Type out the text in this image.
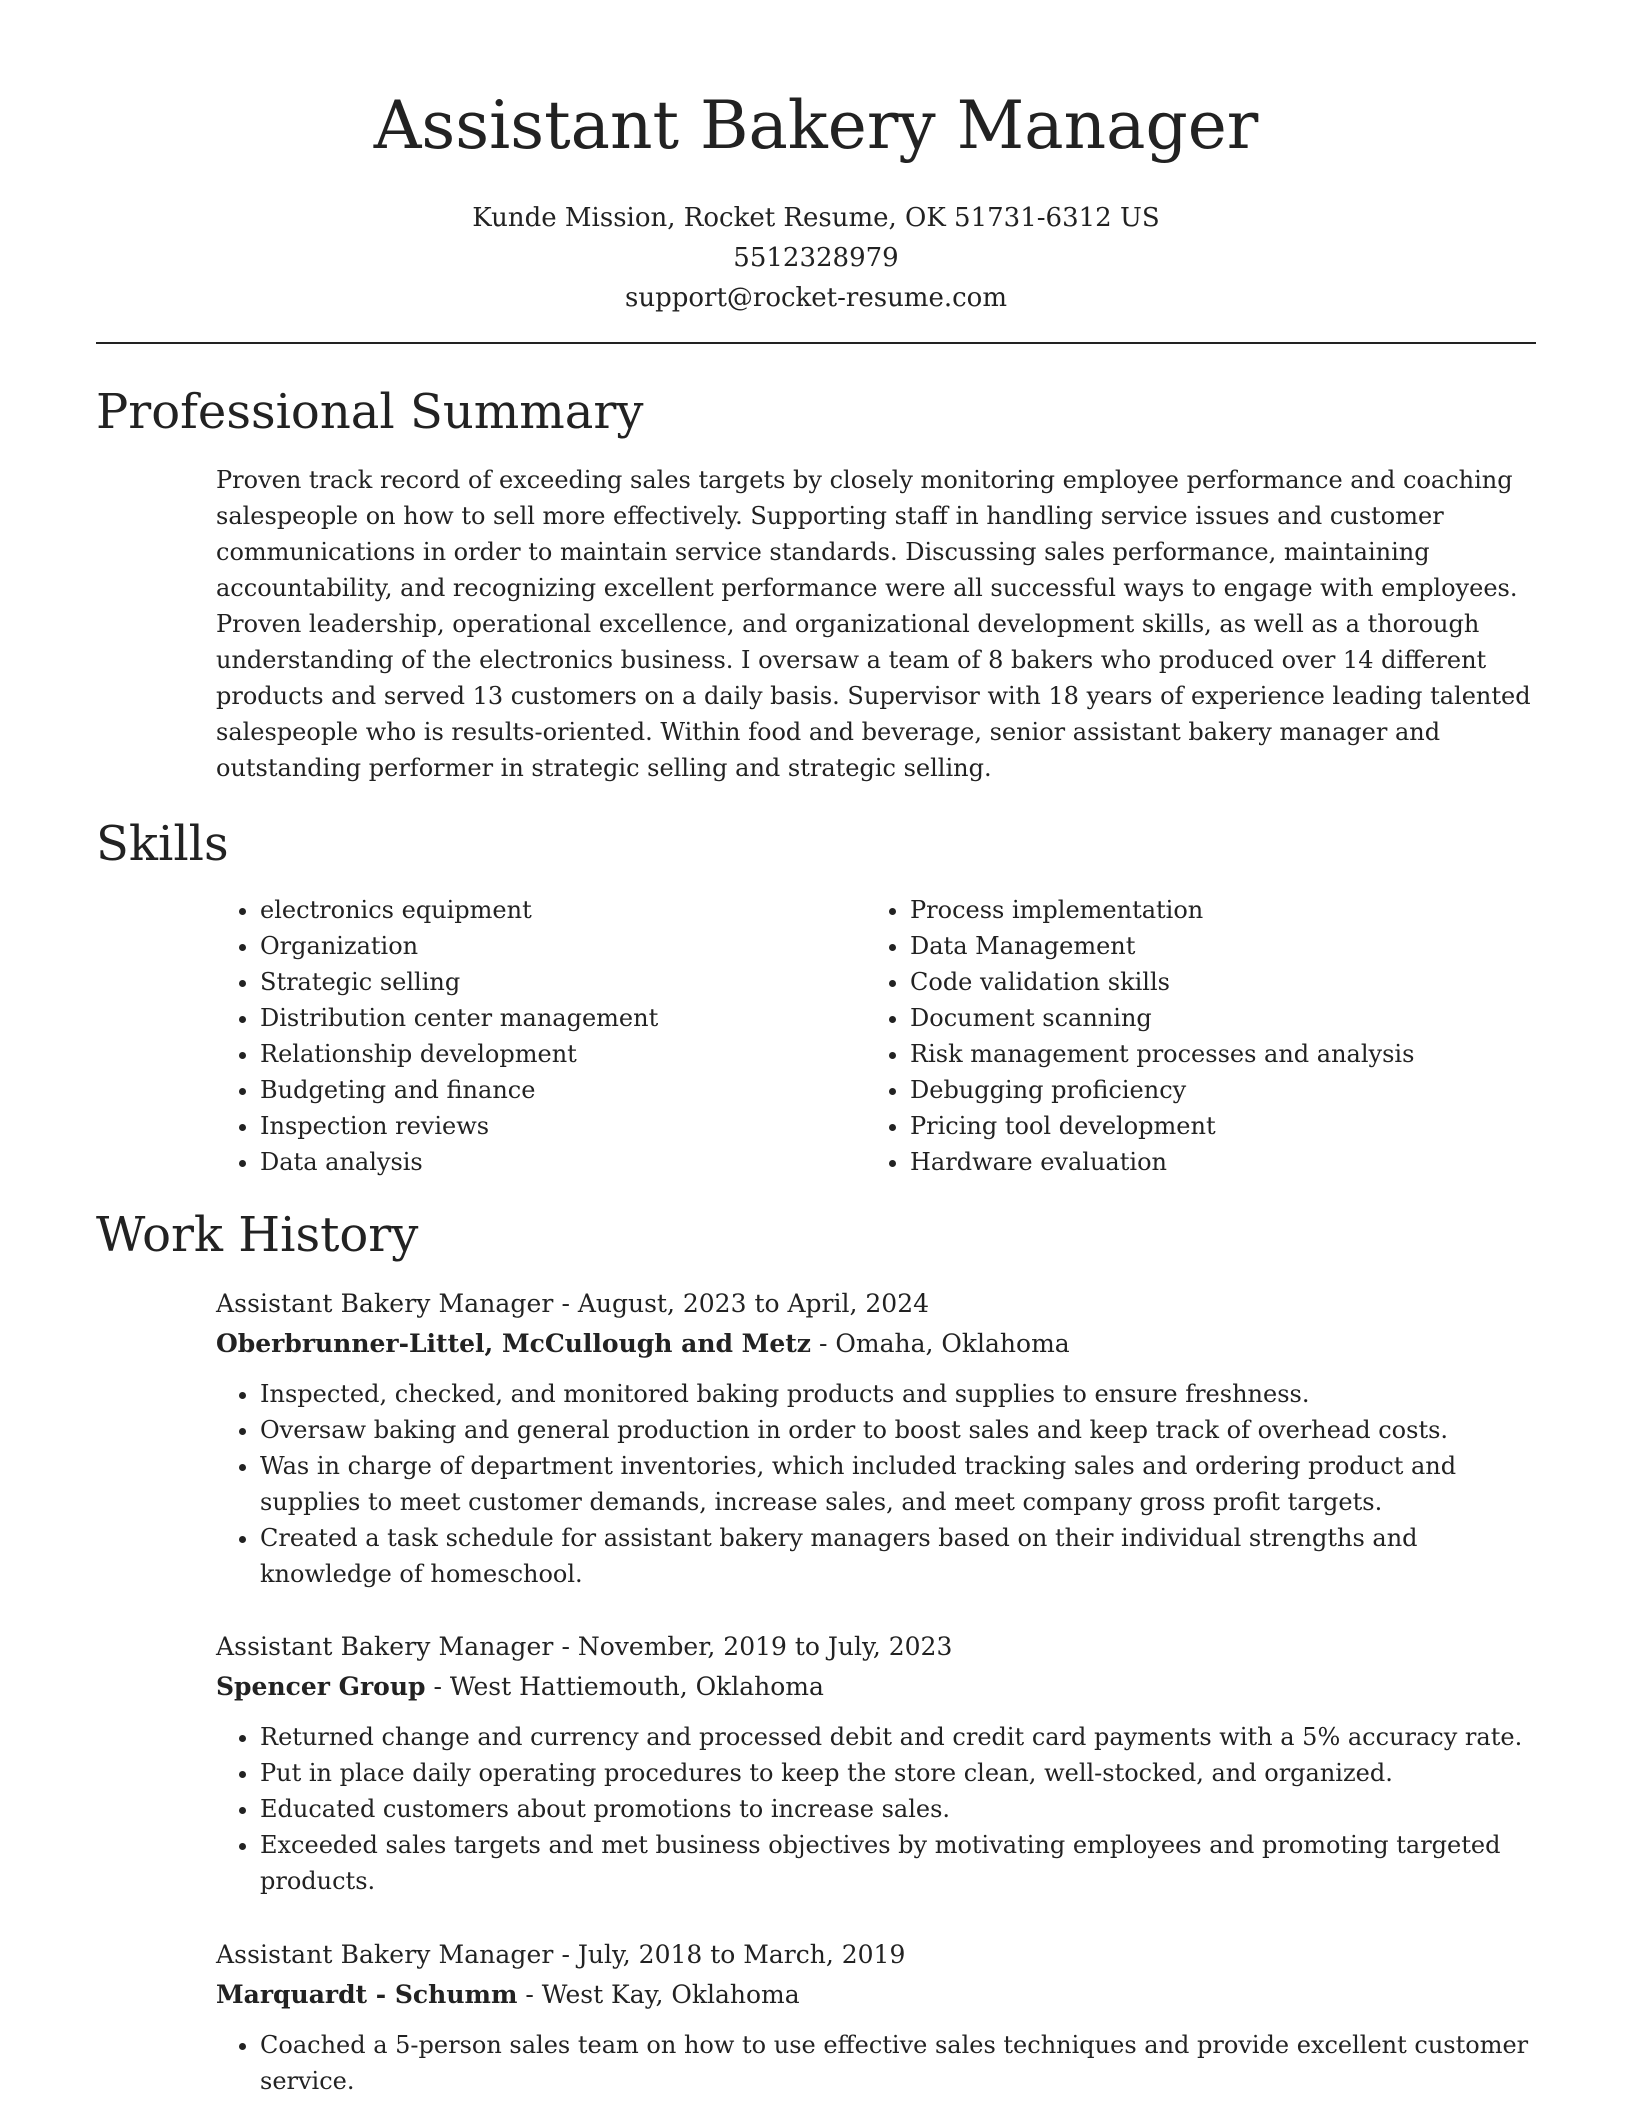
Assistant Bakery Manager
Kunde Mission, Rocket Resume, OK 51731-6312 US
5512328979
support@rocket-resume.com
Professional Summary

Proven track record of exceeding sales targets by closely monitoring employee performance and coaching salespeople on how to sell more effectively. Supporting staff in handling service issues and customer communications in order to maintain service standards. Discussing sales performance, maintaining accountability, and recognizing excellent performance were all successful ways to engage with employees. Proven leadership, operational excellence, and organizational development skills, as well as a thorough understanding of the electronics business. I oversaw a team of 8 bakers who produced over 14 different products and served 13 customers on a daily basis. Supervisor with 18 years of experience leading talented salespeople who is results-oriented. Within food and beverage, senior assistant bakery manager and outstanding performer in strategic selling and strategic selling.

Skills
• electronics equipment
• Organization
• Strategic selling
• Distribution center management
• Relationship development
• Budgeting and finance
• Inspection reviews
• Data analysis
• Process implementation
• Data Management
• Code validation skills
• Document scanning
• Risk management processes and analysis
• Debugging proficiency
• Pricing tool development
• Hardware evaluation
Work History
Assistant Bakery Manager - August, 2023 to April, 2024
Oberbrunner-Littel, McCullough and Metz - Omaha, Oklahoma
• Inspected, checked, and monitored baking products and supplies to ensure freshness.
• Oversaw baking and general production in order to boost sales and keep track of overhead costs.
• Was in charge of department inventories, which included tracking sales and ordering product and supplies to meet customer demands, increase sales, and meet company gross profit targets.
• Created a task schedule for assistant bakery managers based on their individual strengths and knowledge of homeschool.
Assistant Bakery Manager - November, 2019 to July, 2023
Spencer Group - West Hattiemouth, Oklahoma
• Returned change and currency and processed debit and credit card payments with a 5% accuracy rate.
• Put in place daily operating procedures to keep the store clean, well-stocked, and organized.
• Educated customers about promotions to increase sales.
• Exceeded sales targets and met business objectives by motivating employees and promoting targeted products.
Assistant Bakery Manager - July, 2018 to March, 2019
Marquardt - Schumm - West Kay, Oklahoma
• Coached a 5-person sales team on how to use effective sales techniques and provide excellent customer service.
